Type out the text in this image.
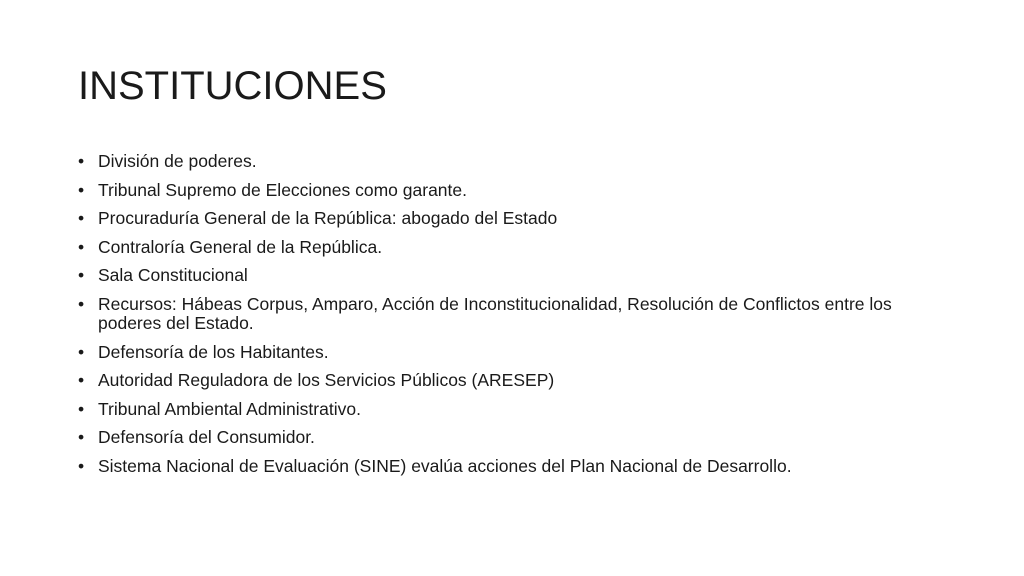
INSTITUCIONES
• División de poderes.
• Tribunal Supremo de Elecciones como garante.
• Procuraduría General de la República: abogado del Estado
• Contraloría General de la República.
• Sala Constitucional
• Recursos: Hábeas Corpus, Amparo, Acción de Inconstitucionalidad, Resolución de Conflictos entre los poderes del Estado.
• Defensoría de los Habitantes.
• Autoridad Reguladora de los Servicios Públicos (ARESEP)
• Tribunal Ambiental Administrativo.
• Defensoría del Consumidor.
• Sistema Nacional de Evaluación (SINE) evalúa acciones del Plan Nacional de Desarrollo.
